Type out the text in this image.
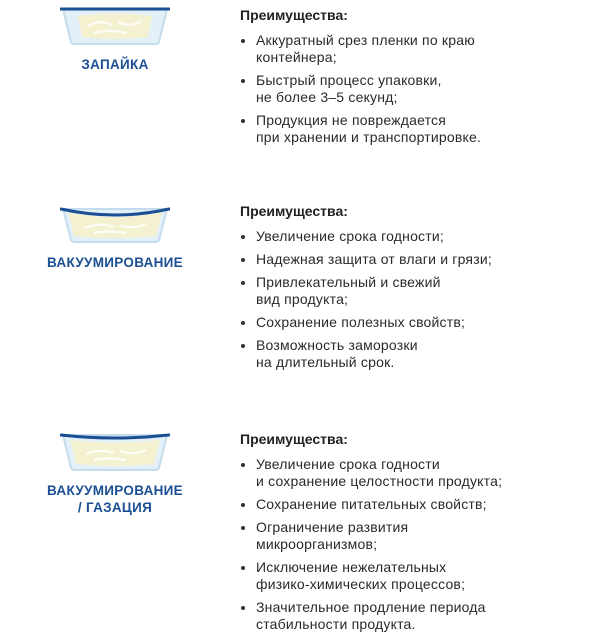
ЗАПАЙКА
Преимущества:
Аккуратный срез пленки по краю
контейнера;
Быстрый процесс упаковки,
не более 3–5 секунд;
Продукция не повреждается
при хранении и транспортировке.
ВАКУУМИРОВАНИЕ
Преимущества:
Увеличение срока годности;
Надежная защита от влаги и грязи;
Привлекательный и свежий
вид продукта;
Сохранение полезных свойств;
Возможность заморозки
на длительный срок.
ВАКУУМИРОВАНИЕ
/ ГАЗАЦИЯ
Преимущества:
Увеличение срока годности
и сохранение целостности продукта;
Сохранение питательных свойств;
Ограничение развития
микроорганизмов;
Исключение нежелательных
физико-химических процессов;
Значительное продление периода
стабильности продукта.
